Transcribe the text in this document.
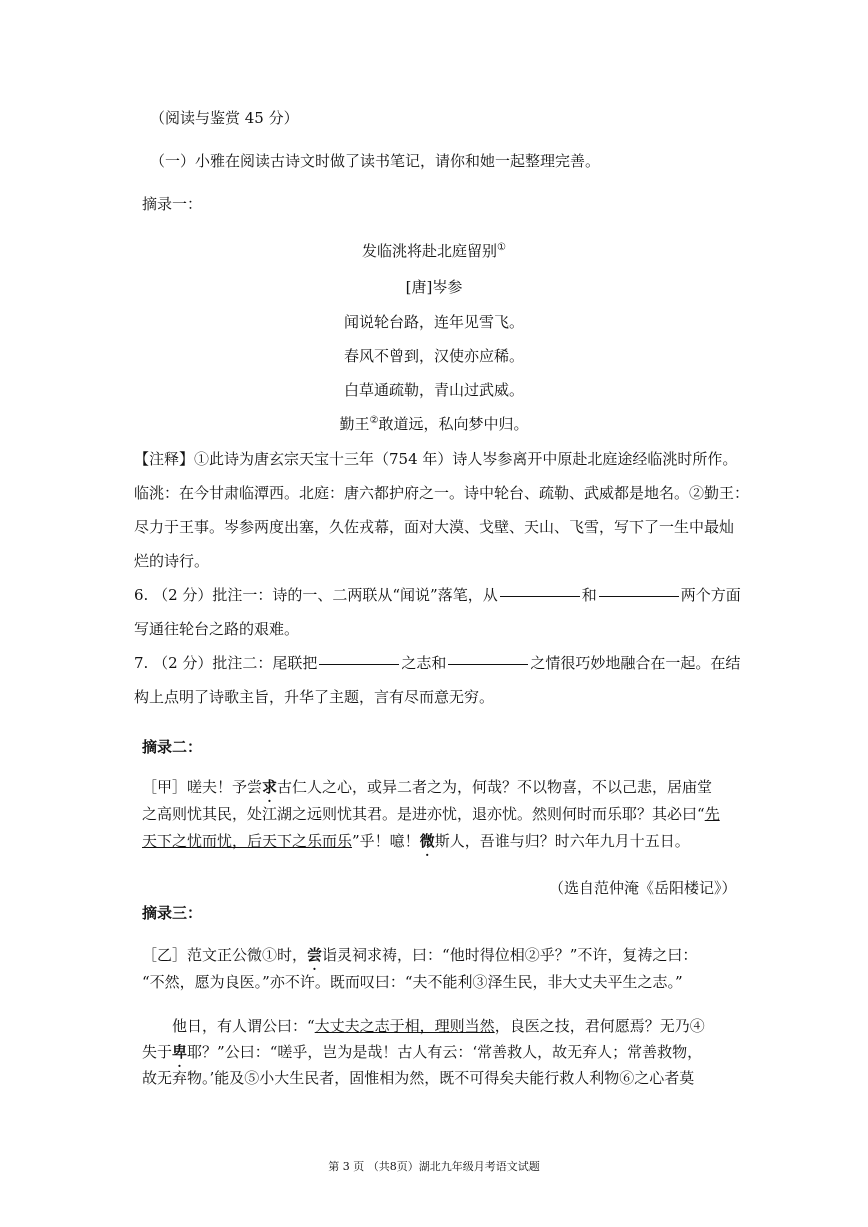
（阅读与鉴赏 45 分）
（一）小雅在阅读古诗文时做了读书笔记，请你和她一起整理完善。
摘录一：
发临洮将赴北庭留别①
[唐]岑参
闻说轮台路，连年见雪飞。
春风不曾到，汉使亦应稀。
白草通疏勒，青山过武威。
勤王②敢道远，私向梦中归。
【注释】①此诗为唐玄宗天宝十三年（754 年）诗人岑参离开中原赴北庭途经临洮时所作。
临洮：在今甘肃临潭西。北庭：唐六都护府之一。诗中轮台、疏勒、武威都是地名。②勤王：
尽力于王事。岑参两度出塞，久佐戎幕，面对大漠、戈壁、天山、飞雪，写下了一生中最灿
烂的诗行。
6. （2 分）批注一：诗的一、二两联从“闻说”落笔，从	和	两个方面
写通往轮台之路的艰难。
7. （2 分）批注二：尾联把	之志和	之情很巧妙地融合在一起。在结
构上点明了诗歌主旨，升华了主题，言有尽而意无穷。
摘录二：
［甲］嗟夫！予尝求古仁人之心，或异二者之为，何哉？不以物喜，不以己悲，居庙堂
之高则忧其民，处江湖之远则忧其君。是进亦忧，退亦忧。然则何时而乐耶？其必曰“先
天下之忧而忧，后天下之乐而乐”乎！噫！微斯人，吾谁与归？时六年九月十五日。
（选自范仲淹《岳阳楼记》）
摘录三：
［乙］范文正公微①时，尝诣灵祠求祷，曰：“他时得位相②乎？”不许，复祷之曰：
“不然，愿为良医。”亦不许。既而叹曰：“夫不能利③泽生民，非大丈夫平生之志。”
他日，有人谓公曰：“大丈夫之志于相，理则当然，良医之技，君何愿焉？无乃④
失于卑耶？”公曰：“嗟乎，岂为是哉！古人有云：‘常善救人，故无弃人；常善救物，
故无弃物。’能及⑤小大生民者，固惟相为然，既不可得矣夫能行救人利物⑥之心者莫
第 3 页 （共8页）湖北九年级月考语文试题
